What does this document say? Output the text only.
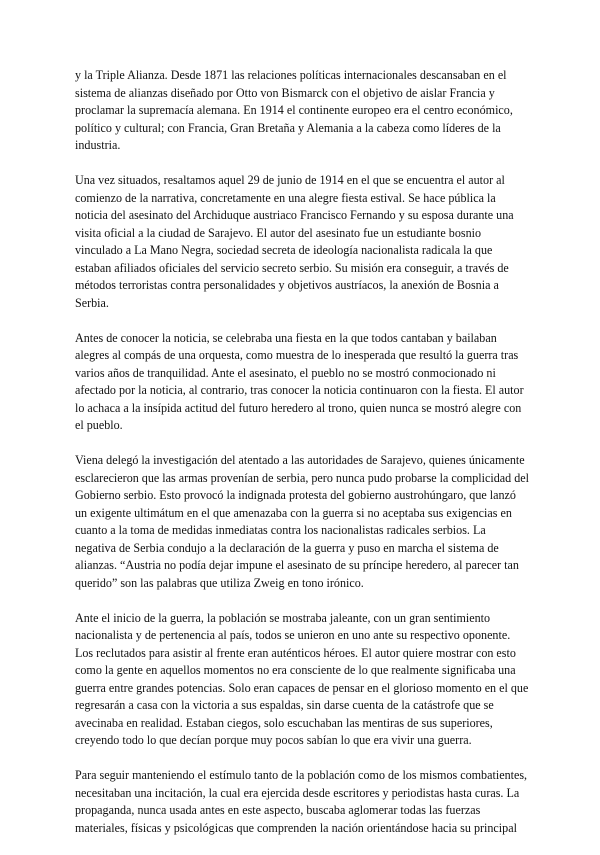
y la Triple Alianza. Desde 1871 las relaciones políticas internacionales descansaban en el sistema de alianzas diseñado por Otto von Bismarck con el objetivo de aislar Francia y proclamar la supremacía alemana. En 1914 el continente europeo era el centro económico, político y cultural; con Francia, Gran Bretaña y Alemania a la cabeza como líderes de la industria.

Una vez situados, resaltamos aquel 29 de junio de 1914 en el que se encuentra el autor al comienzo de la narrativa, concretamente en una alegre fiesta estival. Se hace pública la noticia del asesinato del Archiduque austriaco Francisco Fernando y su esposa durante una visita oficial a la ciudad de Sarajevo. El autor del asesinato fue un estudiante bosnio vinculado a La Mano Negra, sociedad secreta de ideología nacionalista radicala la que estaban afiliados oficiales del servicio secreto serbio. Su misión era conseguir, a través de métodos terroristas contra personalidades y objetivos austríacos, la anexión de Bosnia a Serbia.

Antes de conocer la noticia, se celebraba una fiesta en la que todos cantaban y bailaban alegres al compás de una orquesta, como muestra de lo inesperada que resultó la guerra tras varios años de tranquilidad. Ante el asesinato, el pueblo no se mostró conmocionado ni afectado por la noticia, al contrario, tras conocer la noticia continuaron con la fiesta. El autor lo achaca a la insípida actitud del futuro heredero al trono, quien nunca se mostró alegre con el pueblo.

Viena delegó la investigación del atentado a las autoridades de Sarajevo, quienes únicamente esclarecieron que las armas provenían de serbia, pero nunca pudo probarse la complicidad del Gobierno serbio. Esto provocó la indignada protesta del gobierno austrohúngaro, que lanzó un exigente ultimátum en el que amenazaba con la guerra si no aceptaba sus exigencias en cuanto a la toma de medidas inmediatas contra los nacionalistas radicales serbios. La negativa de Serbia condujo a la declaración de la guerra y puso en marcha el sistema de alianzas. “Austria no podía dejar impune el asesinato de su príncipe heredero, al parecer tan querido” son las palabras que utiliza Zweig en tono irónico.

Ante el inicio de la guerra, la población se mostraba jaleante, con un gran sentimiento nacionalista y de pertenencia al país, todos se unieron en uno ante su respectivo oponente. Los reclutados para asistir al frente eran auténticos héroes. El autor quiere mostrar con esto como la gente en aquellos momentos no era consciente de lo que realmente significaba una guerra entre grandes potencias. Solo eran capaces de pensar en el glorioso momento en el que regresarán a casa con la victoria a sus espaldas, sin darse cuenta de la catástrofe que se avecinaba en realidad. Estaban ciegos, solo escuchaban las mentiras de sus superiores, creyendo todo lo que decían porque muy pocos sabían lo que era vivir una guerra.

Para seguir manteniendo el estímulo tanto de la población como de los mismos combatientes, necesitaban una incitación, la cual era ejercida desde escritores y periodistas hasta curas. La propaganda, nunca usada antes en este aspecto, buscaba aglomerar todas las fuerzas materiales, físicas y psicológicas que comprenden la nación orientándose hacia su principal
